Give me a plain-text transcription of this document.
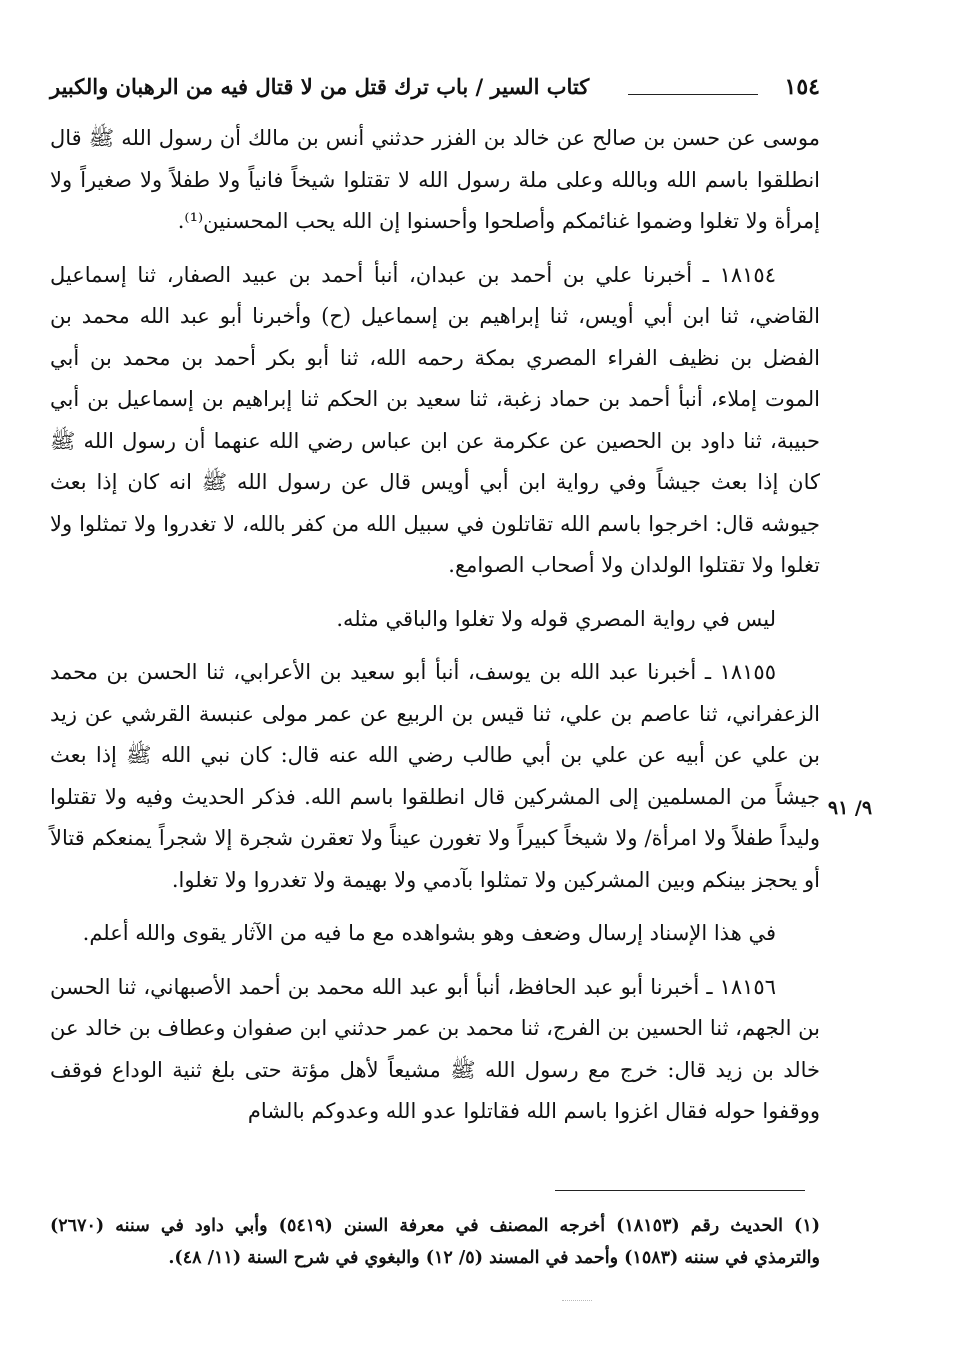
١٥٤
كتاب السير / باب ترك قتل من لا قتال فيه من الرهبان والكبير

موسى عن حسن بن صالح عن خالد بن الفزر حدثني أنس بن مالك أن رسول الله ﷺ قال انطلقوا باسم الله وبالله وعلى ملة رسول الله لا تقتلوا شيخاً فانياً ولا طفلاً ولا صغيراً ولا إمرأة ولا تغلوا وضموا غنائمكم وأصلحوا وأحسنوا إن الله يحب المحسنين⁽¹⁾.

١٨١٥٤ ـ أخبرنا علي بن أحمد بن عبدان، أنبأ أحمد بن عبيد الصفار، ثنا إسماعيل القاضي، ثنا ابن أبي أويس، ثنا إبراهيم بن إسماعيل (ح) وأخبرنا أبو عبد الله محمد بن الفضل بن نظيف الفراء المصري بمكة رحمه الله، ثنا أبو بكر أحمد بن محمد بن أبي الموت إملاء، أنبأ أحمد بن حماد زغبة، ثنا سعيد بن الحكم ثنا إبراهيم بن إسماعيل بن أبي حبيبة، ثنا داود بن الحصين عن عكرمة عن ابن عباس رضي الله عنهما أن رسول الله ﷺ كان إذا بعث جيشاً وفي رواية ابن أبي أويس قال عن رسول الله ﷺ انه كان إذا بعث جيوشه قال: اخرجوا باسم الله تقاتلون في سبيل الله من كفر بالله، لا تغدروا ولا تمثلوا ولا تغلوا ولا تقتلوا الولدان ولا أصحاب الصوامع.

ليس في رواية المصري قوله ولا تغلوا والباقي مثله.

١٨١٥٥ ـ أخبرنا عبد الله بن يوسف، أنبأ أبو سعيد بن الأعرابي، ثنا الحسن بن محمد الزعفراني، ثنا عاصم بن علي، ثنا قيس بن الربيع عن عمر مولى عنبسة القرشي عن زيد بن علي عن أبيه عن علي بن أبي طالب رضي الله عنه قال: كان نبي الله ﷺ إذا بعث جيشاً من المسلمين إلى المشركين قال انطلقوا باسم الله. فذكر الحديث وفيه ولا تقتلوا وليداً طفلاً ولا امرأة/ ولا شيخاً كبيراً ولا تغورن عيناً ولا تعقرن شجرة إلا شجراً يمنعكم قتالاً أو يحجز بينكم وبين المشركين ولا تمثلوا بآدمي ولا بهيمة ولا تغدروا ولا تغلوا.

في هذا الإسناد إرسال وضعف وهو بشواهده مع ما فيه من الآثار يقوى والله أعلم.

١٨١٥٦ ـ أخبرنا أبو عبد الحافظ، أنبأ أبو عبد الله محمد بن أحمد الأصبهاني، ثنا الحسن بن الجهم، ثنا الحسين بن الفرج، ثنا محمد بن عمر حدثني ابن صفوان وعطاف بن خالد عن خالد بن زيد قال: خرج مع رسول الله ﷺ مشيعاً لأهل مؤتة حتى بلغ ثنية الوداع فوقف ووقفوا حوله فقال اغزوا باسم الله فقاتلوا عدو الله وعدوكم بالشام

٩/ ٩١

(١) الحديث رقم (١٨١٥٣) أخرجه المصنف في معرفة السنن (٥٤١٩) وأبي داود في سننه (٢٦٧٠) والترمذي في سننه (١٥٨٣) وأحمد في المسند (٥/ ١٢) والبغوي في شرح السنة (١١/ ٤٨).
